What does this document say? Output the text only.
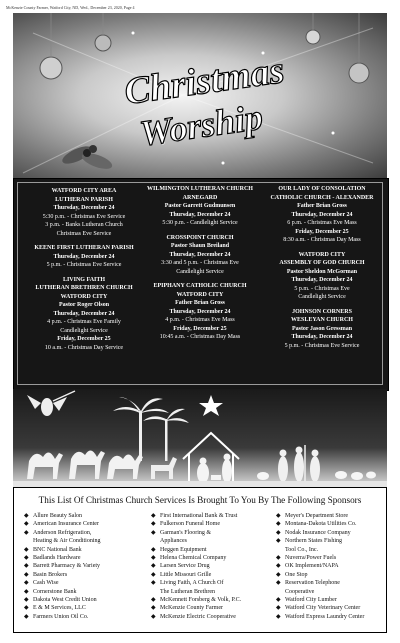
McKenzie County Farmer, Watford City, ND, Wed., December 23, 2020, Page 4
Christmas
Worship
WATFORD CITY AREA
LUTHERAN PARISH
Thursday, December 24
5:30 p.m. - Christmas Eve Service
3 p.m. - Banks Lutheran Church
Christmas Eve Service
KEENE FIRST LUTHERAN PARISH
Thursday, December 24
5 p.m. - Christmas Eve Service
LIVING FAITH
LUTHERAN BRETHREN CHURCH
WATFORD CITY
Pastor Roger Olson
Thursday, December 24
4 p.m. - Christmas Eve Family
Candlelight Service
Friday, December 25
10 a.m. - Christmas Day Service
WILMINGTON LUTHERAN CHURCH
ARNEGARD
Pastor Garrett Gudmunsen
Thursday, December 24
5:30 p.m. - Candlelight Service
CROSSPOINT CHURCH
Pastor Shaun Breiland
Thursday, December 24
3:30 and 5 p.m. - Christmas Eve
Candlelight Service
EPIPHANY CATHOLIC CHURCH
WATFORD CITY
Father Brian Gross
Thursday, December 24
4 p.m. - Christmas Eve Mass
Friday, December 25
10:45 a.m. - Christmas Day Mass
OUR LADY OF CONSOLATION
CATHOLIC CHURCH - ALEXANDER
Father Brian Gross
Thursday, December 24
6 p.m. - Christmas Eve Mass
Friday, December 25
8:30 a.m. - Christmas Day Mass
WATFORD CITY
ASSEMBLY OF GOD CHURCH
Pastor Sheldon McGorman
Thursday, December 24
5 p.m. - Christmas Eve
Candlelight Service
JOHNSON CORNERS
WESLEYAN CHURCH
Pastor Jason Gressman
Thursday, December 24
5 p.m. - Christmas Eve Service
This List Of Christmas Church Services Is Brought To You By The Following Sponsors
◆ Allure Beauty Salon
◆ American Insurance Center
◆ Anderson Refrigeration,
Heating & Air Conditioning
◆ BNC National Bank
◆ Badlands Hardware
◆ Barrett Pharmacy & Variety
◆ Basin Brokers
◆ Cash Wise
◆ Cornerstone Bank
◆ Dakota West Credit Union
◆ E & M Services, LLC
◆ Farmers Union Oil Co.
◆ First International Bank & Trust
◆ Fulkerson Funeral Home
◆ Garman's Flooring &
Appliances
◆ Heggen Equipment
◆ Helena Chemical Company
◆ Larsen Service Drug
◆ Little Missouri Grille
◆ Living Faith, A Church Of
The Lutheran Brethren
◆ McKennett Forsberg & Volk, P.C.
◆ McKenzie County Farmer
◆ McKenzie Electric Cooperative
◆ Meyer's Department Store
◆ Montana-Dakota Utilities Co.
◆ Nodak Insurance Company
◆ Northern States Fishing
Tool Co., Inc.
◆ Nuverra/Power Fuels
◆ OK Implement/NAPA
◆ One Stop
◆ Reservation Telephone
Cooperative
◆ Watford City Lumber
◆ Watford City Veterinary Center
◆ Watford Express Laundry Center
